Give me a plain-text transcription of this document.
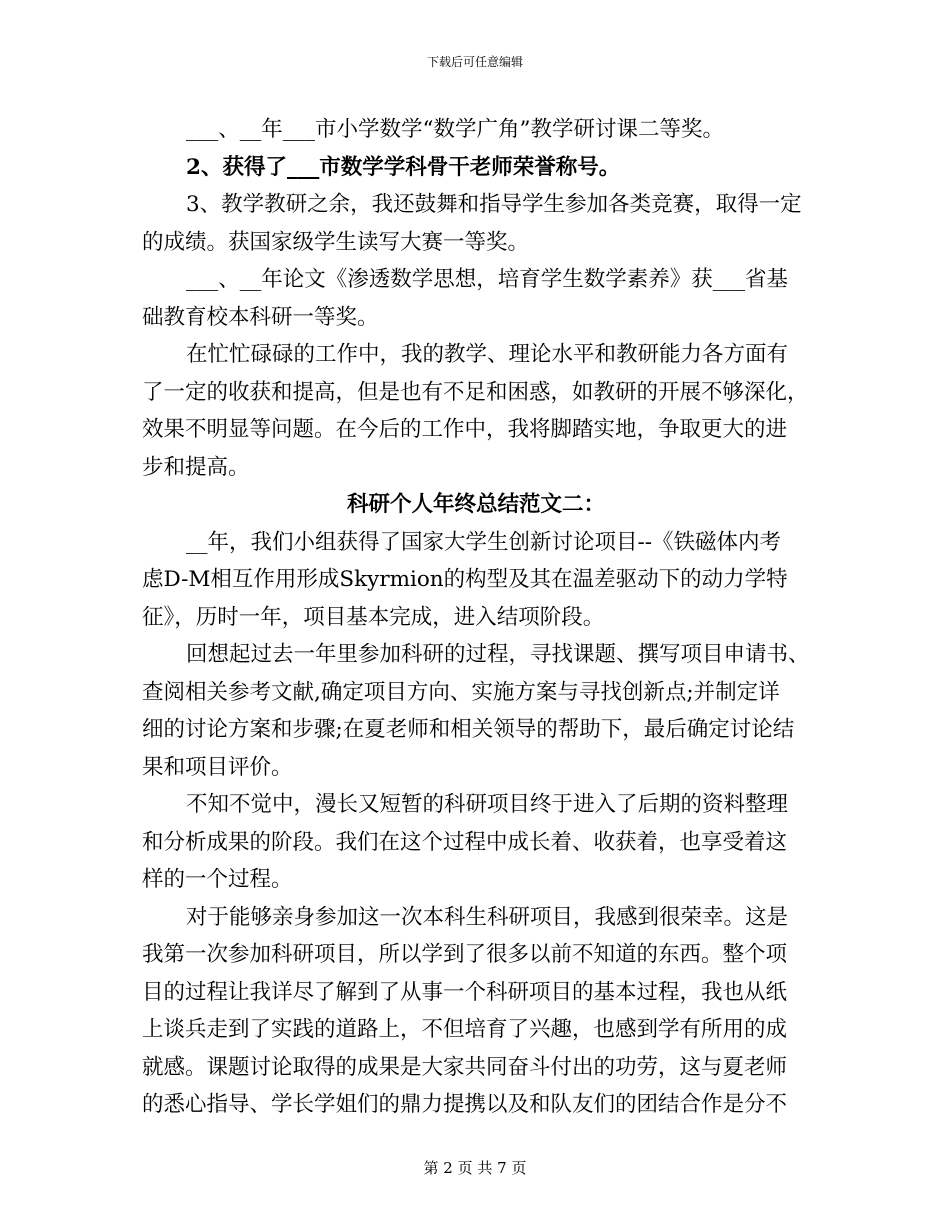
下载后可任意编辑
___、__年___市小学数学“数学广角”教学研讨课二等奖。
2、获得了___市数学学科骨干老师荣誉称号。
3、教学教研之余，我还鼓舞和指导学生参加各类竞赛，取得一定
的成绩。获国家级学生读写大赛一等奖。
___、__年论文《渗透数学思想，培育学生数学素养》获___省基
础教育校本科研一等奖。
在忙忙碌碌的工作中，我的教学、理论水平和教研能力各方面有
了一定的收获和提高，但是也有不足和困惑，如教研的开展不够深化，
效果不明显等问题。在今后的工作中，我将脚踏实地，争取更大的进
步和提高。
科研个人年终总结范文二：
__年，我们小组获得了国家大学生创新讨论项目--《铁磁体内考
虑D-M相互作用形成Skyrmion的构型及其在温差驱动下的动力学特
征》，历时一年，项目基本完成，进入结项阶段。
回想起过去一年里参加科研的过程，寻找课题、撰写项目申请书、
查阅相关参考文献,确定项目方向、实施方案与寻找创新点;并制定详
细的讨论方案和步骤;在夏老师和相关领导的帮助下，最后确定讨论结
果和项目评价。
不知不觉中，漫长又短暂的科研项目终于进入了后期的资料整理
和分析成果的阶段。我们在这个过程中成长着、收获着，也享受着这
样的一个过程。
对于能够亲身参加这一次本科生科研项目，我感到很荣幸。这是
我第一次参加科研项目，所以学到了很多以前不知道的东西。整个项
目的过程让我详尽了解到了从事一个科研项目的基本过程，我也从纸
上谈兵走到了实践的道路上，不但培育了兴趣，也感到学有所用的成
就感。课题讨论取得的成果是大家共同奋斗付出的功劳，这与夏老师
的悉心指导、学长学姐们的鼎力提携以及和队友们的团结合作是分不
第 2 页 共 7 页
